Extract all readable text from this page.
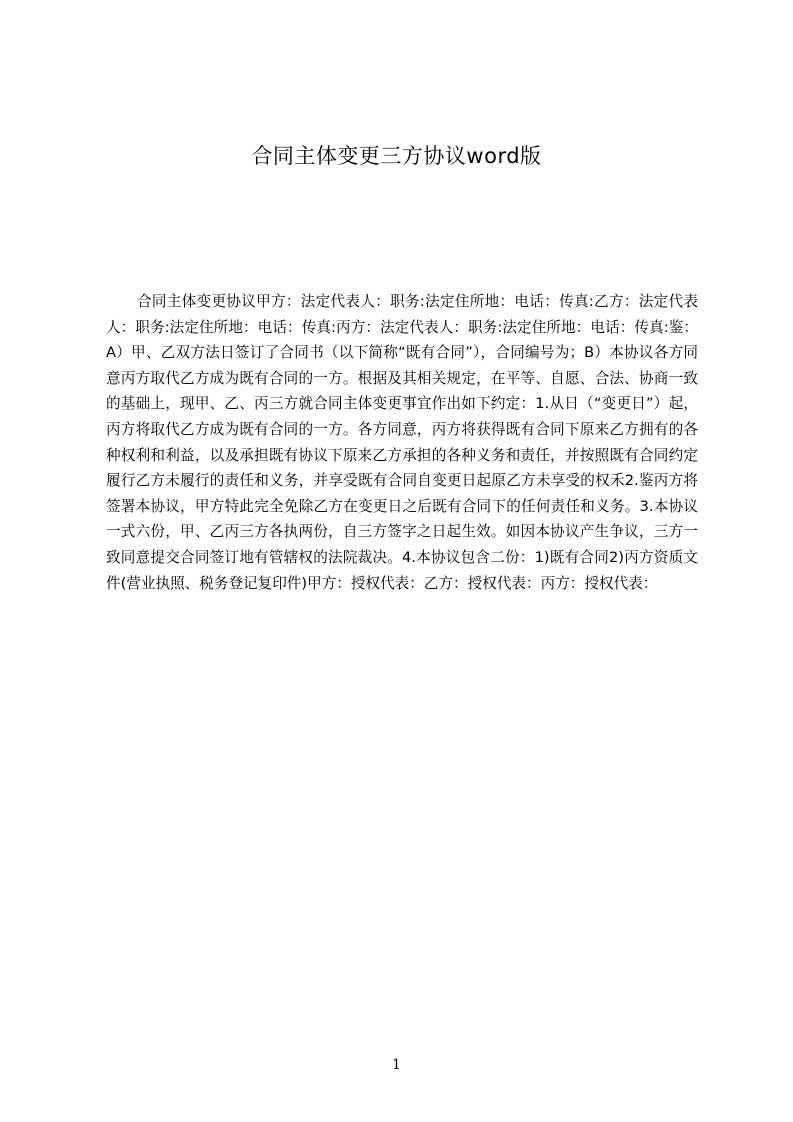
合同主体变更三方协议word版

合同主体变更协议甲方：法定代表人：职务:法定住所地：电话：传真:乙方：法定代表人：职务:法定住所地：电话：传真:丙方：法定代表人：职务:法定住所地：电话：传真:鉴：A）甲、乙双方法日签订了合同书（以下简称“既有合同”），合同编号为；B）本协议各方同意丙方取代乙方成为既有合同的一方。根据及其相关规定，在平等、自愿、合法、协商一致的基础上，现甲、乙、丙三方就合同主体变更事宜作出如下约定：1.从日（“变更日”）起，丙方将取代乙方成为既有合同的一方。各方同意，丙方将获得既有合同下原来乙方拥有的各种权利和利益，以及承担既有协议下原来乙方承担的各种义务和责任，并按照既有合同约定履行乙方未履行的责任和义务，并享受既有合同自变更日起原乙方未享受的权禾2.鉴丙方将签署本协议，甲方特此完全免除乙方在变更日之后既有合同下的任何责任和义务。3.本协议一式六份，甲、乙丙三方各执两份，自三方签字之日起生效。如因本协议产生争议，三方一致同意提交合同签订地有管辖权的法院裁决。4.本协议包含二份：1)既有合同2)丙方资质文件(营业执照、税务登记复印件)甲方：授权代表：乙方：授权代表：丙方：授权代表：

1
